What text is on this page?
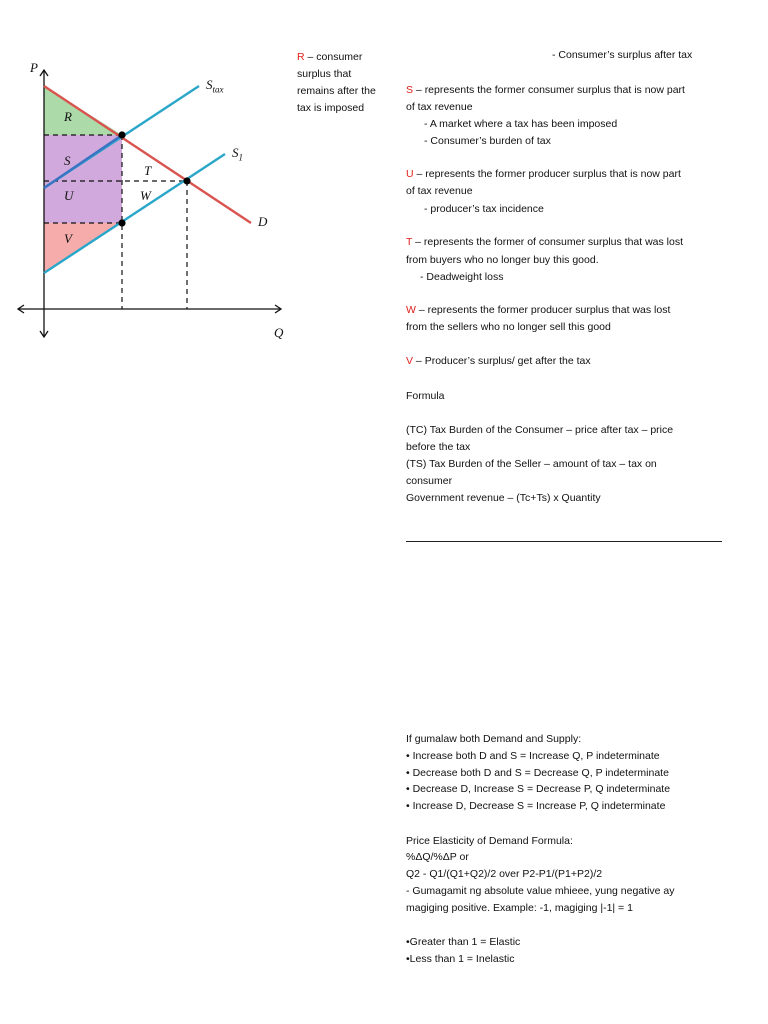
P
Q
$S_{tax}$
$S_1$
D
R
S
U
V
T
W
R – consumer surplus that remains after the tax is imposed
- Consumer’s surplus after tax
S – represents the former consumer surplus that is now part
of tax revenue
- A market where a tax has been imposed
- Consumer’s burden of tax
U – represents the former producer surplus that is now part
of tax revenue
- producer’s tax incidence
T – represents the former of consumer surplus that was lost
from buyers who no longer buy this good.
- Deadweight loss
W – represents the former producer surplus that was lost
from the sellers who no longer sell this good
V – Producer’s surplus/ get after the tax
Formula
(TC) Tax Burden of the Consumer – price after tax – price
before the tax
(TS) Tax Burden of the Seller – amount of tax – tax on
consumer
Government revenue – (Tc+Ts) x Quantity
If gumalaw both Demand and Supply:
• Increase both D and S = Increase Q, P indeterminate
• Decrease both D and S = Decrease Q, P indeterminate
• Decrease D, Increase S = Decrease P, Q indeterminate
• Increase D, Decrease S = Increase P, Q indeterminate
Price Elasticity of Demand Formula:
%ΔQ/%ΔP or
Q2 - Q1/(Q1+Q2)/2 over P2-P1/(P1+P2)/2
- Gumagamit ng absolute value mhieee, yung negative ay
magiging positive. Example: -1, magiging |-1| = 1
•Greater than 1 = Elastic
•Less than 1 = Inelastic
